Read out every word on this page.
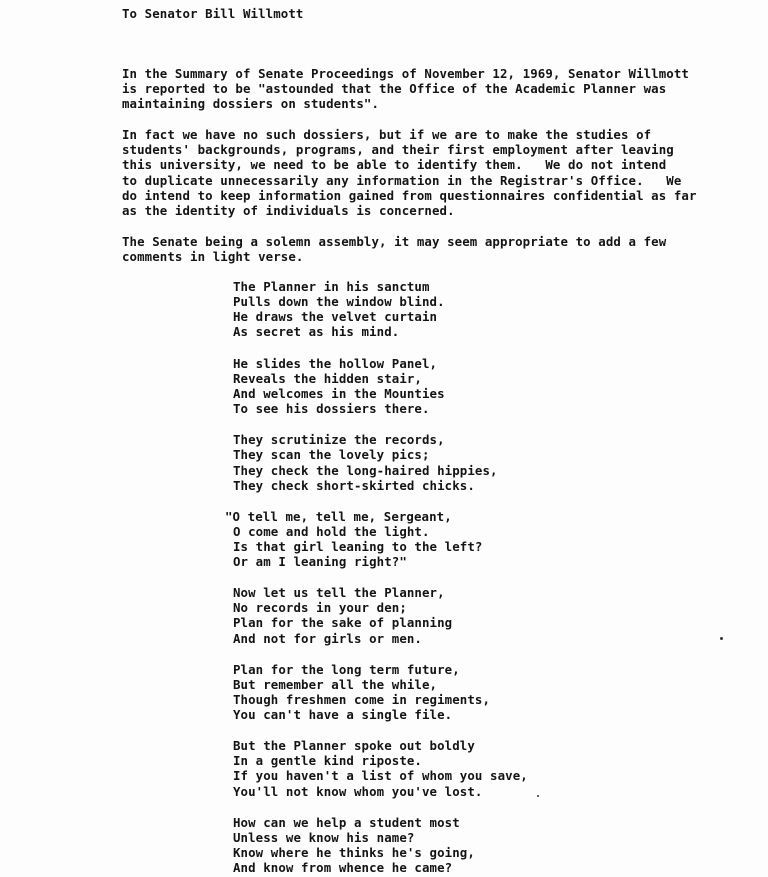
To Senator Bill Willmott
In the Summary of Senate Proceedings of November 12, 1969, Senator Willmott
is reported to be "astounded that the Office of the Academic Planner was
maintaining dossiers on students".
In fact we have no such dossiers, but if we are to make the studies of
students' backgrounds, programs, and their first employment after leaving
this university, we need to be able to identify them.   We do not intend
to duplicate unnecessarily any information in the Registrar's Office.   We
do intend to keep information gained from questionnaires confidential as far
as the identity of individuals is concerned.
The Senate being a solemn assembly, it may seem appropriate to add a few
comments in light verse.
The Planner in his sanctum
Pulls down the window blind.
He draws the velvet curtain
As secret as his mind.
He slides the hollow Panel,
Reveals the hidden stair,
And welcomes in the Mounties
To see his dossiers there.
They scrutinize the records,
They scan the lovely pics;
They check the long-haired hippies,
They check short-skirted chicks.
"O tell me, tell me, Sergeant,
O come and hold the light.
Is that girl leaning to the left?
Or am I leaning right?"
Now let us tell the Planner,
No records in your den;
Plan for the sake of planning
And not for girls or men.
Plan for the long term future,
But remember all the while,
Though freshmen come in regiments,
You can't have a single file.
But the Planner spoke out boldly
In a gentle kind riposte.
If you haven't a list of whom you save,
You'll not know whom you've lost.
How can we help a student most
Unless we know his name?
Know where he thinks he's going,
And know from whence he came?
